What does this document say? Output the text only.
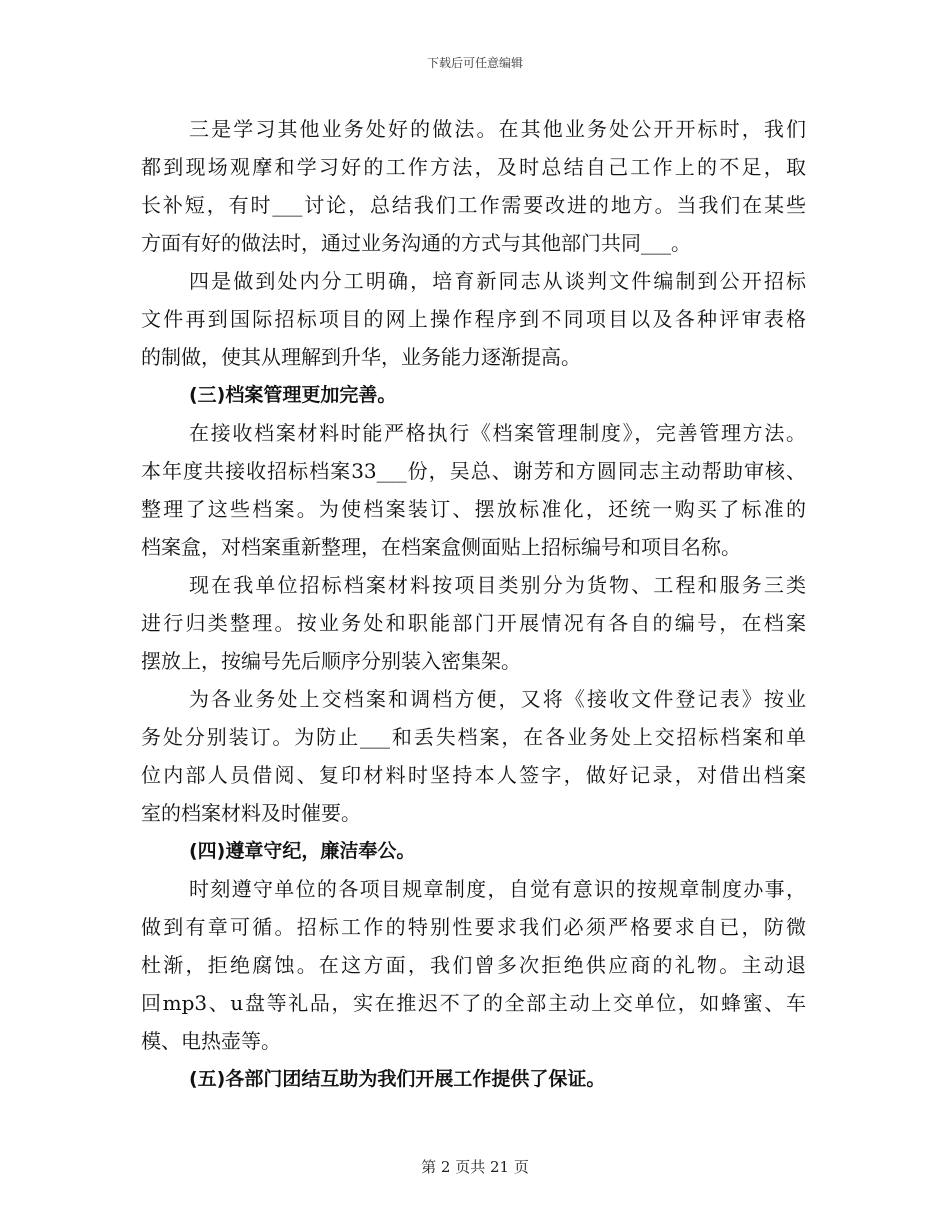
下载后可任意编辑
三是学习其他业务处好的做法。在其他业务处公开开标时，我们
都到现场观摩和学习好的工作方法，及时总结自己工作上的不足，取
长补短，有时___讨论，总结我们工作需要改进的地方。当我们在某些
方面有好的做法时，通过业务沟通的方式与其他部门共同___。
四是做到处内分工明确，培育新同志从谈判文件编制到公开招标
文件再到国际招标项目的网上操作程序到不同项目以及各种评审表格
的制做，使其从理解到升华，业务能力逐渐提高。
(三)档案管理更加完善。
在接收档案材料时能严格执行《档案管理制度》，完善管理方法。
本年度共接收招标档案33___份，吴总、谢芳和方圆同志主动帮助审核、
整理了这些档案。为使档案装订、摆放标准化，还统一购买了标准的
档案盒，对档案重新整理，在档案盒侧面贴上招标编号和项目名称。
现在我单位招标档案材料按项目类别分为货物、工程和服务三类
进行归类整理。按业务处和职能部门开展情况有各自的编号，在档案
摆放上，按编号先后顺序分别装入密集架。
为各业务处上交档案和调档方便，又将《接收文件登记表》按业
务处分别装订。为防止___和丢失档案，在各业务处上交招标档案和单
位内部人员借阅、复印材料时坚持本人签字，做好记录，对借出档案
室的档案材料及时催要。
(四)遵章守纪，廉洁奉公。
时刻遵守单位的各项目规章制度，自觉有意识的按规章制度办事，
做到有章可循。招标工作的特别性要求我们必须严格要求自已，防微
杜渐，拒绝腐蚀。在这方面，我们曾多次拒绝供应商的礼物。主动退
回mp3、u盘等礼品，实在推迟不了的全部主动上交单位，如蜂蜜、车
模、电热壶等。
(五)各部门团结互助为我们开展工作提供了保证。
第 2 页共 21 页
